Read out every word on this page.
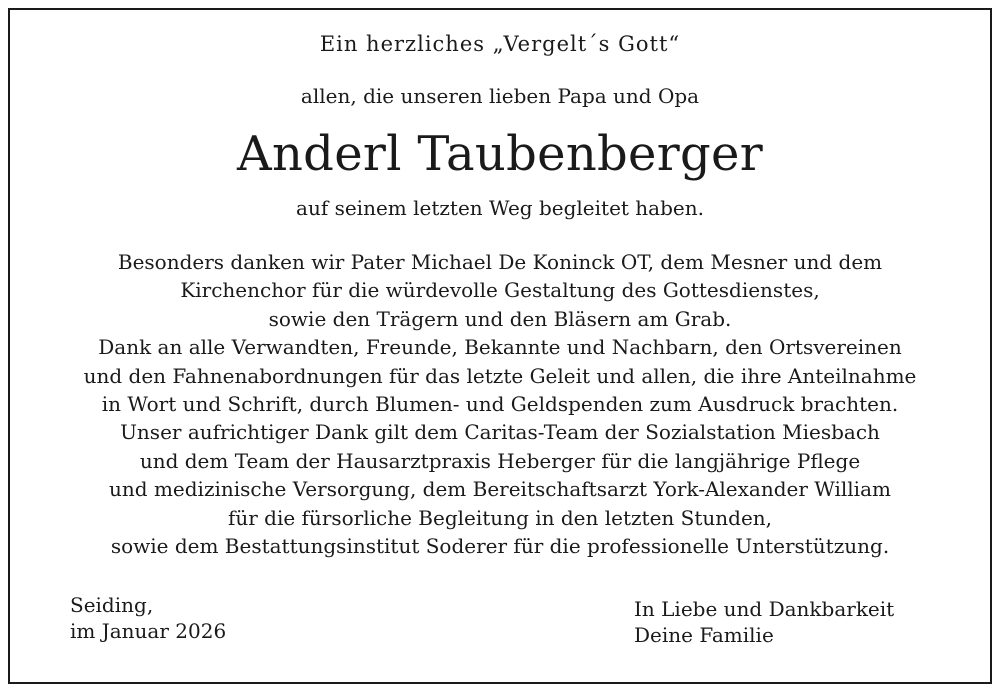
Ein herzliches „Vergelt´s Gott“
allen, die unseren lieben Papa und Opa
Anderl Taubenberger
auf seinem letzten Weg begleitet haben.
Besonders danken wir Pater Michael De Koninck OT, dem Mesner und dem
Kirchenchor für die würdevolle Gestaltung des Gottesdienstes,
sowie den Trägern und den Bläsern am Grab.
Dank an alle Verwandten, Freunde, Bekannte und Nachbarn, den Ortsvereinen
und den Fahnenabordnungen für das letzte Geleit und allen, die ihre Anteilnahme
in Wort und Schrift, durch Blumen- und Geldspenden zum Ausdruck brachten.
Unser aufrichtiger Dank gilt dem Caritas-Team der Sozialstation Miesbach
und dem Team der Hausarztpraxis Heberger für die langjährige Pflege
und medizinische Versorgung, dem Bereitschaftsarzt York-Alexander William
für die fürsorliche Begleitung in den letzten Stunden,
sowie dem Bestattungsinstitut Soderer für die professionelle Unterstützung.
Seiding,
im Januar 2026
In Liebe und Dankbarkeit
Deine Familie
